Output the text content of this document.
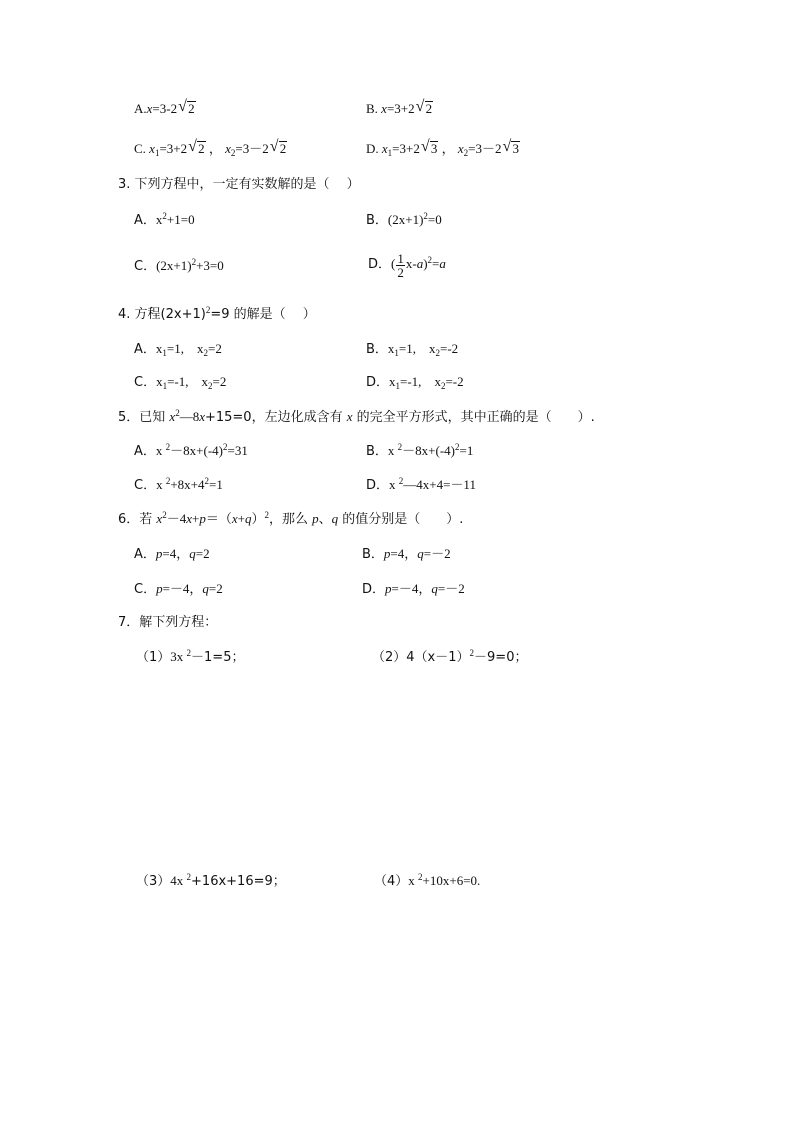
A.x=3-2 √ 2	B. x=3+2 √ 2
C. $x_1=3+2$ √ 2 ， $x_2=3-2$ √ 2	D. $x_1=3+2$ √ 3 ， $x_2=3-2$ √ 3
3. 下列方程中，一定有实数解的是（　 ）
A．$x^2+1=0$	B．$(2x+1)^2=0$
C．$(2x+1)^2+3=0$	D．( $\frac{1}{2} x-a)^2=a$
4. 方程$(2x+1)^2=9$ 的解是（　 ）
A．$x_1=1$,　$x_2=2$	B．$x_1=1$,　$x_2=-2$
C．$x_1=-1$,　$x_2=2$	D．$x_1=-1$,　$x_2=-2$
5．已知 $x^2—8x+15=0$，左边化成含有 x 的完全平方形式，其中正确的是（　　）.
A．x $^2-8x+(-4)^2=31$	B．x $^2-8x+(-4)^2=1$
C．x $^2+8x+4^2=1$	D．x $^2$—4x+4=－11
6．若 $x^2-4x+p=(x+q)^2$，那么 p、q 的值分别是（　　）.
A．p=4，q=2	B．p=4，q=－2
C．p=－4，q=2	D．p=－4，q=－2
7．解下列方程：
（1）3x $^2$－1=5；	$(2)4(x-1)^2-9=0$；
（3）4x $^2$+16x+16=9；	（4）x $^2$+10x+6=0.
